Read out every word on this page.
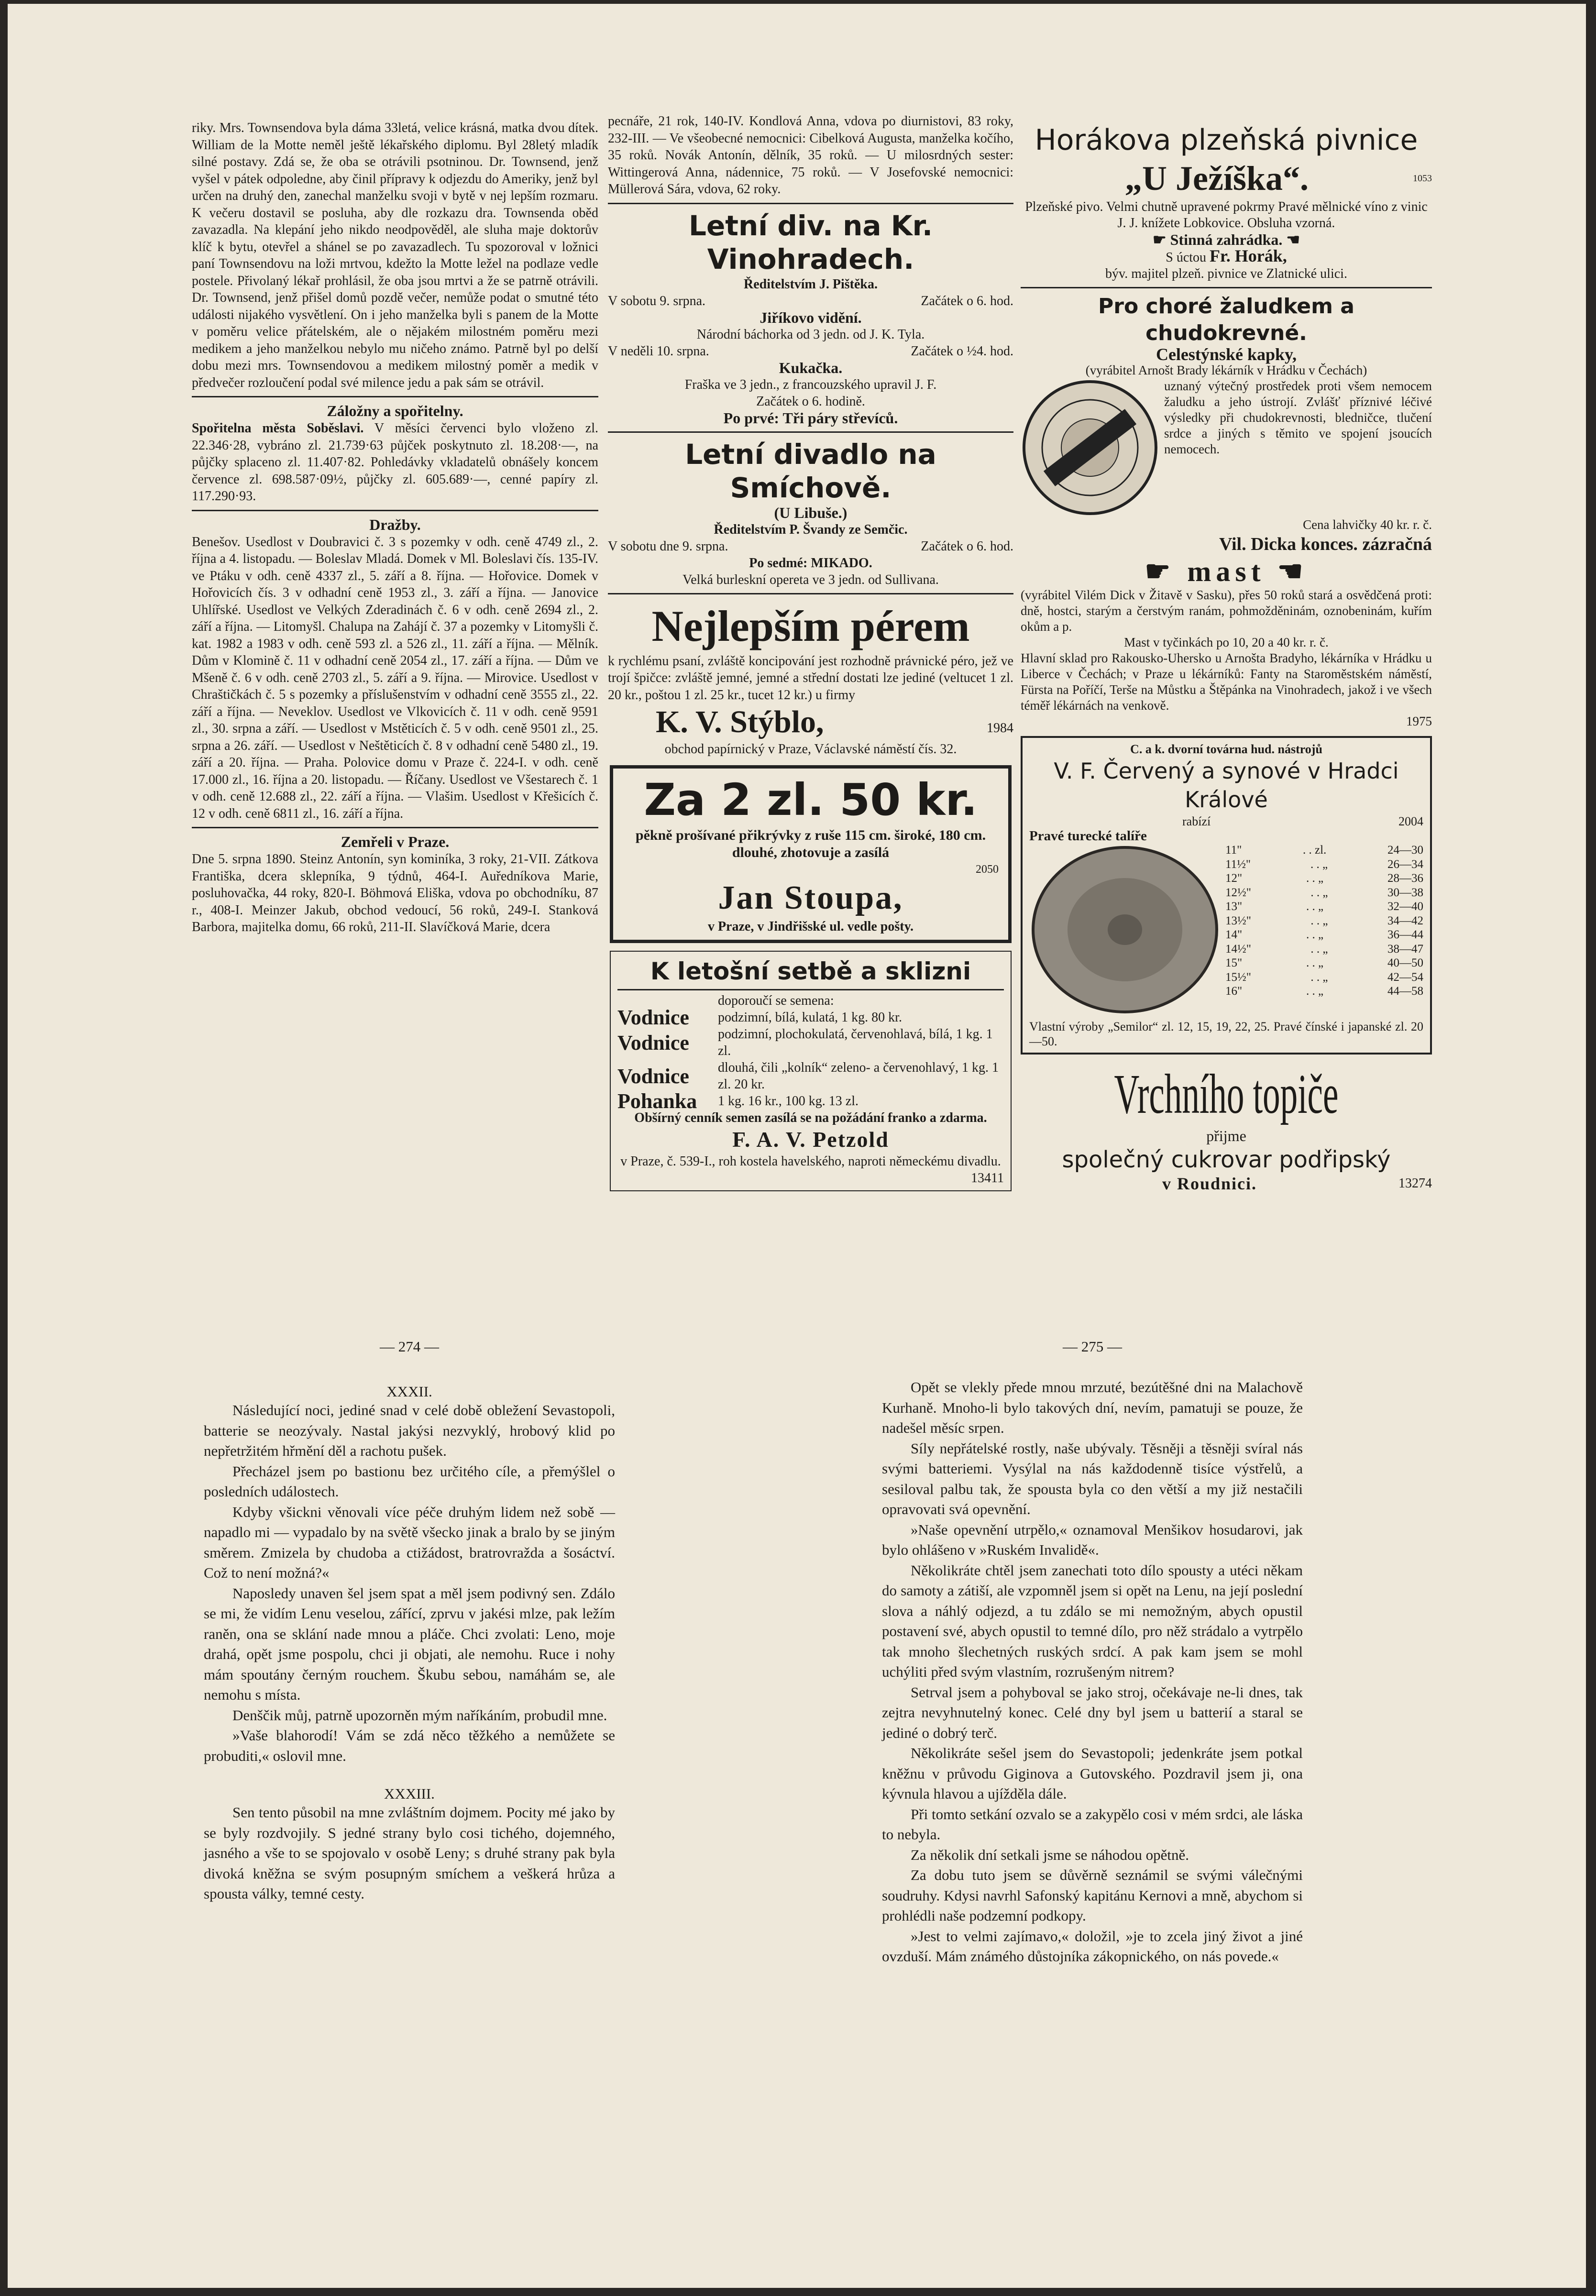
riky. Mrs. Townsendova byla dáma 33letá, velice krásná, matka dvou dítek. William de la Motte neměl ještě lékařského diplomu. Byl 28letý mladík silné postavy. Zdá se, že oba se otrávili psotninou. Dr. Townsend, jenž vyšel v pátek odpoledne, aby činil přípravy k odjezdu do Ameriky, jenž byl určen na druhý den, zanechal manželku svoji v bytě v nej lepším rozmaru. K večeru dostavil se posluha, aby dle rozkazu dra. Townsenda oběd zavazadla. Na klepání jeho nikdo neodpověděl, ale sluha maje doktorův klíč k bytu, otevřel a shánel se po zavazadlech. Tu spozoroval v ložnici paní Townsendovu na loži mrtvou, kdežto la Motte ležel na podlaze vedle postele. Přivolaný lékař prohlásil, že oba jsou mrtvi a že se patrně otrávili. Dr. Townsend, jenž přišel domů pozdě večer, nemůže podat o smutné této události nijakého vysvětlení. On i jeho manželka byli s panem de la Motte v poměru velice přátelském, ale o nějakém milostném poměru mezi medikem a jeho manželkou nebylo mu ničeho známo. Patrně byl po delší dobu mezi mrs. Townsendovou a medikem milostný poměr a medik v předvečer rozloučení podal své milence jedu a pak sám se otrávil.

Záložny a spořitelny.

Spořitelna města Soběslavi. V měsíci červenci bylo vloženo zl. 22.346·28, vybráno zl. 21.739·63 půjček poskytnuto zl. 18.208·—, na půjčky splaceno zl. 11.407·82. Pohledávky vkladatelů obnášely koncem července zl. 698.587·09½, půjčky zl. 605.689·—, cenné papíry zl. 117.290·93.

Dražby.

Benešov. Usedlost v Doubravici č. 3 s pozemky v odh. ceně 4749 zl., 2. října a 4. listopadu. — Boleslav Mladá. Domek v Ml. Boleslavi čís. 135-IV. ve Ptáku v odh. ceně 4337 zl., 5. září a 8. října. — Hořovice. Domek v Hořovicích čís. 3 v odhadní ceně 1953 zl., 3. září a října. — Janovice Uhlířské. Usedlost ve Velkých Zderadinách č. 6 v odh. ceně 2694 zl., 2. září a října. — Litomyšl. Chalupa na Zahájí č. 37 a pozemky v Litomyšli č. kat. 1982 a 1983 v odh. ceně 593 zl. a 526 zl., 11. září a října. — Mělník. Dům v Klomině č. 11 v odhadní ceně 2054 zl., 17. září a října. — Dům ve Mšeně č. 6 v odh. ceně 2703 zl., 5. září a 9. října. — Mirovice. Usedlost v Chraštičkách č. 5 s pozemky a příslušenstvím v odhadní ceně 3555 zl., 22. září a října. — Neveklov. Usedlost ve Vlkovicích č. 11 v odh. ceně 9591 zl., 30. srpna a září. — Usedlost v Mstěticích č. 5 v odh. ceně 9501 zl., 25. srpna a 26. září. — Usedlost v Neštěticích č. 8 v odhadní ceně 5480 zl., 19. září a 20. října. — Praha. Polovice domu v Praze č. 224-I. v odh. ceně 17.000 zl., 16. října a 20. listopadu. — Říčany. Usedlost ve Všestarech č. 1 v odh. ceně 12.688 zl., 22. září a října. — Vlašim. Usedlost v Křešicích č. 12 v odh. ceně 6811 zl., 16. září a října.

Zemřeli v Praze.

Dne 5. srpna 1890. Steinz Antonín, syn kominíka, 3 roky, 21-VII. Zátkova Františka, dcera sklepníka, 9 týdnů, 464-I. Auředníkova Marie, posluhovačka, 44 roky, 820-I. Böhmová Eliška, vdova po obchodníku, 87 r., 408-I. Meinzer Jakub, obchod vedoucí, 56 roků, 249-I. Stanková Barbora, majitelka domu, 66 roků, 211-II. Slavíčková Marie, dcera

pecnáře, 21 rok, 140-IV. Kondlová Anna, vdova po diurnistovi, 83 roky, 232-III. — Ve všeobecné nemocnici: Cibelková Augusta, manželka kočího, 35 roků. Novák Antonín, dělník, 35 roků. — U milosrdných sester: Wittingerová Anna, nádennice, 75 roků. — V Josefovské nemocnici: Müllerová Sára, vdova, 62 roky.

Letní div. na Kr. Vinohradech.

Ředitelstvím J. Pištěka.

V sobotu 9. srpna.	Začátek o 6. hod.

Jiříkovo vidění.

Národní báchorka od 3 jedn. od J. K. Tyla.

V neděli 10. srpna.	Začátek o ½4. hod.

Kukačka.

Fraška ve 3 jedn., z francouzského upravil J. F.

Začátek o 6. hodině.

Po prvé: Tři páry střevíců.

Letní divadlo na Smíchově.

(U Libuše.)

Ředitelstvím P. Švandy ze Semčic.

V sobotu dne 9. srpna.	Začátek o 6. hod.

Po sedmé: MIKADO.

Velká burleskní opereta ve 3 jedn. od Sullivana.

Nejlepším pérem

k rychlému psaní, zvláště koncipování jest rozhodně právnické péro, jež ve trojí špičce: zvláště jemné, jemné a střední dostati lze jediné (veltucet 1 zl. 20 kr., poštou 1 zl. 25 kr., tucet 12 kr.) u firmy

K. V. Stýblo,	1984

obchod papírnický v Praze, Václavské náměstí čís. 32.

Za 2 zl. 50 kr.

pěkně prošívané přikrývky z ruše 115 cm. široké, 180 cm. dlouhé, zhotovuje a zasílá

2050

Jan Stoupa,

v Praze, v Jindřišské ul. vedle pošty.

K letošní setbě a sklizni

doporoučí se semena:

Vodnice	podzimní, bílá, kulatá, 1 kg. 80 kr.
Vodnice	podzimní, plochokulatá, červenohlavá, bílá, 1 kg. 1 zl.
Vodnice	dlouhá, čili „kolník“ zeleno- a červenohlavý, 1 kg. 1 zl. 20 kr.
Pohanka	1 kg. 16 kr., 100 kg. 13 zl.

Obšírný cenník semen zasílá se na požádání franko a zdarma.

F. A. V. Petzold

v Praze, č. 539-I., roh kostela havelského, naproti německému divadlu.

13411

Horákova plzeňská pivnice

„U Ježíška“.	1053

Plzeňské pivo. Velmi chutně upravené pokrmy Pravé mělnické víno z vinic J. J. knížete Lobkovice. Obsluha vzorná.

☛ Stinná zahrádka. ☚

S úctou Fr. Horák,

býv. majitel plzeň. pivnice ve Zlatnické ulici.

Pro choré žaludkem a chudokrevné.

Celestýnské kapky,

(vyrábitel Arnošt Brady lékárník v Hrádku v Čechách)

uznaný výtečný prostředek proti všem nemocem žaludku a jeho ústrojí. Zvlášť příznivé léčivé výsledky při chudokrevnosti, bledničce, tlučení srdce a jiných s těmito ve spojení jsoucích nemocech.

Cena lahvičky 40 kr. r. č.

Vil. Dicka konces. zázračná

☛ mast ☚

(vyrábitel Vilém Dick v Žitavě v Sasku), přes 50 roků stará a osvědčená proti: dně, hostci, starým a čerstvým ranám, pohmožděninám, oznobeninám, kuřím okům a p.

Mast v tyčinkách po 10, 20 a 40 kr. r. č.

Hlavní sklad pro Rakousko-Uhersko u Arnošta Bradyho, lékárníka v Hrádku u Liberce v Čechách; v Praze u lékárníků: Fanty na Staroměstském náměstí, Fürsta na Poříčí, Terše na Můstku a Štěpánka na Vinohradech, jakož i ve všech téměř lékárnách na venkově.

1975

C. a k. dvorní továrna hud. nástrojů

V. F. Červený a synové v Hradci Králové

rabízí	2004

Pravé turecké talíře

11"	. . zl.	24—30
11½"	. . „	26—34
12"	. . „	28—36
12½"	. . „	30—38
13"	. . „	32—40
13½"	. . „	34—42
14"	. . „	36—44
14½"	. . „	38—47
15"	. . „	40—50
15½"	. . „	42—54
16"	. . „	44—58

Vlastní výroby „Semilor“ zl. 12, 15, 19, 22, 25. Pravé čínské i japanské zl. 20—50.

Vrchního topiče

přijme

společný cukrovar podřipský

v Roudnici.	13274

— 274 —

XXXII.

Následující noci, jediné snad v celé době obležení Sevastopoli, batterie se neozývaly. Nastal jakýsi nezvyklý, hrobový klid po nepřetržitém hřmění děl a rachotu pušek.

Přecházel jsem po bastionu bez určitého cíle, a přemýšlel o posledních událostech.

Kdyby všickni věnovali více péče druhým lidem než sobě — napadlo mi — vypadalo by na světě všecko jinak a bralo by se jiným směrem. Zmizela by chudoba a ctižádost, bratrovražda a šosáctví. Což to není možná?«

Naposledy unaven šel jsem spat a měl jsem podivný sen. Zdálo se mi, že vidím Lenu veselou, zářící, zprvu v jakési mlze, pak ležím raněn, ona se sklání nade mnou a pláče. Chci zvolati: Leno, moje drahá, opět jsme pospolu, chci ji objati, ale nemohu. Ruce i nohy mám spoutány černým rouchem. Škubu sebou, namáhám se, ale nemohu s místa.

Denščik můj, patrně upozorněn mým naříkáním, probudil mne.

»Vaše blahorodí! Vám se zdá něco těžkého a nemůžete se probuditi,« oslovil mne.

XXXIII.

Sen tento působil na mne zvláštním dojmem. Pocity mé jako by se byly rozdvojily. S jedné strany bylo cosi tichého, dojemného, jasného a vše to se spojovalo v osobě Leny; s druhé strany pak byla divoká kněžna se svým posupným smíchem a veškerá hrůza a spousta války, temné cesty.

— 275 —

Opět se vlekly přede mnou mrzuté, bezútěšné dni na Malachově Kurhaně. Mnoho-li bylo takových dní, nevím, pamatuji se pouze, že nadešel měsíc srpen.

Síly nepřátelské rostly, naše ubývaly. Těsněji a těsněji svíral nás svými batteriemi. Vysýlal na nás každodenně tisíce výstřelů, a sesiloval palbu tak, že spousta byla co den větší a my již nestačili opravovati svá opevnění.

»Naše opevnění utrpělo,« oznamoval Menšikov hosudarovi, jak bylo ohlášeno v »Ruském Invalidě«.

Několikráte chtěl jsem zanechati toto dílo spousty a utéci někam do samoty a zátiší, ale vzpomněl jsem si opět na Lenu, na její poslední slova a náhlý odjezd, a tu zdálo se mi nemožným, abych opustil postavení své, abych opustil to temné dílo, pro něž strádalo a vytrpělo tak mnoho šlechetných ruských srdcí. A pak kam jsem se mohl uchýliti před svým vlastním, rozrušeným nitrem?

Setrval jsem a pohyboval se jako stroj, očekávaje ne-li dnes, tak zejtra nevyhnutelný konec. Celé dny byl jsem u batterií a staral se jediné o dobrý terč.

Několikráte sešel jsem do Sevastopoli; jedenkráte jsem potkal kněžnu v průvodu Giginova a Gutovského. Pozdravil jsem ji, ona kývnula hlavou a ujížděla dále.

Při tomto setkání ozvalo se a zakypělo cosi v mém srdci, ale láska to nebyla.

Za několik dní setkali jsme se náhodou opětně.

Za dobu tuto jsem se důvěrně seznámil se svými válečnými soudruhy. Kdysi navrhl Safonský kapitánu Kernovi a mně, abychom si prohlédli naše podzemní podkopy.

»Jest to velmi zajímavo,« doložil, »je to zcela jiný život a jiné ovzduší. Mám známého důstojníka zákopnického, on nás povede.«
